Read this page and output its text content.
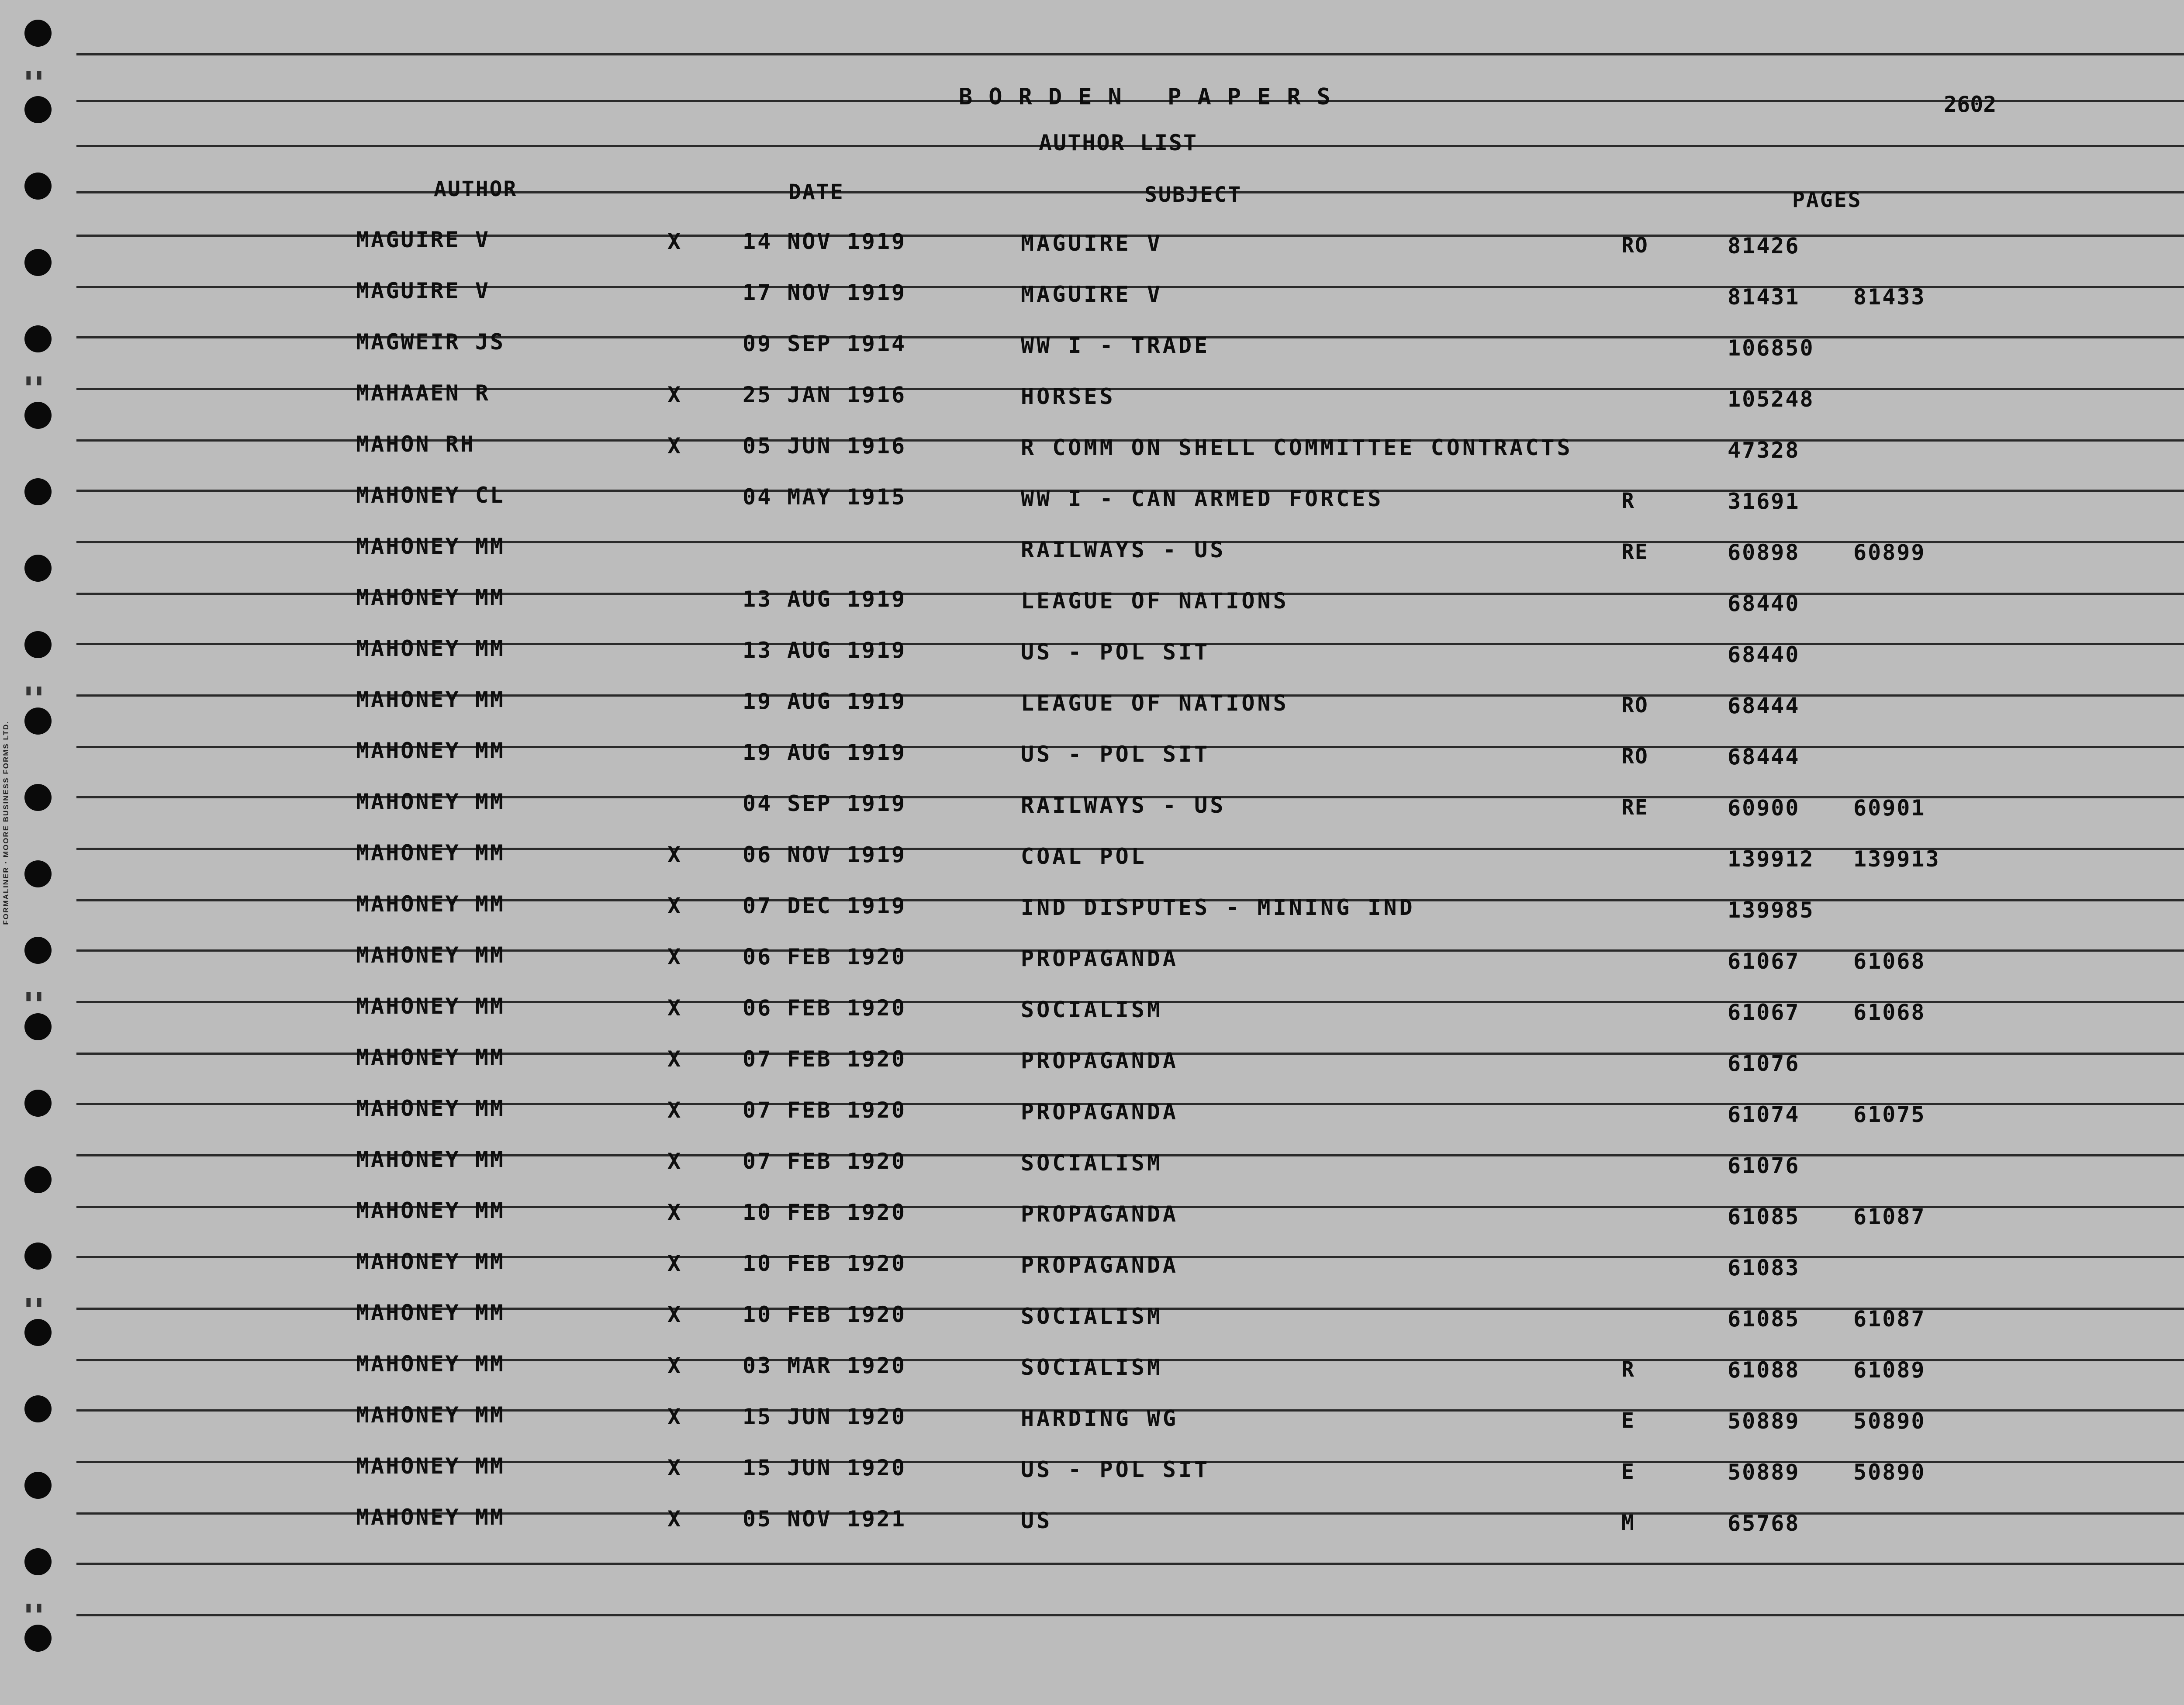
▮▮
▮▮
▮▮
▮▮
▮▮
▮▮
FORMALINER · MOORE BUSINESS FORMS LTD.
BORDEN PAPERS	2602
AUTHOR LIST
AUTHOR	DATE	SUBJECT	PAGES
MAGUIRE V	X	14 NOV 1919	MAGUIRE V	RO	81426
MAGUIRE V	17 NOV 1919	MAGUIRE V	81431 81433
MAGWEIR JS	09 SEP 1914	WW I - TRADE	106850
MAHAAEN R	X	25 JAN 1916	HORSES	105248
MAHON RH	X	05 JUN 1916	R COMM ON SHELL COMMITTEE CONTRACTS	47328
MAHONEY CL	04 MAY 1915	WW I - CAN ARMED FORCES	R	31691
MAHONEY MM	RAILWAYS - US	RE	60898 60899
MAHONEY MM	13 AUG 1919	LEAGUE OF NATIONS	68440
MAHONEY MM	13 AUG 1919	US - POL SIT	68440
MAHONEY MM	19 AUG 1919	LEAGUE OF NATIONS	RO	68444
MAHONEY MM	19 AUG 1919	US - POL SIT	RO	68444
MAHONEY MM	04 SEP 1919	RAILWAYS - US	RE	60900 60901
MAHONEY MM	X	06 NOV 1919	COAL POL	139912 139913
MAHONEY MM	X	07 DEC 1919	IND DISPUTES - MINING IND	139985
MAHONEY MM	X	06 FEB 1920	PROPAGANDA	61067 61068
MAHONEY MM	X	06 FEB 1920	SOCIALISM	61067 61068
MAHONEY MM	X	07 FEB 1920	PROPAGANDA	61076
MAHONEY MM	X	07 FEB 1920	PROPAGANDA	61074 61075
MAHONEY MM	X	07 FEB 1920	SOCIALISM	61076
MAHONEY MM	X	10 FEB 1920	PROPAGANDA	61085 61087
MAHONEY MM	X	10 FEB 1920	PROPAGANDA	61083
MAHONEY MM	X	10 FEB 1920	SOCIALISM	61085 61087
MAHONEY MM	X	03 MAR 1920	SOCIALISM	R	61088 61089
MAHONEY MM	X	15 JUN 1920	HARDING WG	E	50889 50890
MAHONEY MM	X	15 JUN 1920	US - POL SIT	E	50889 50890
MAHONEY MM	X	05 NOV 1921	US	M	65768
